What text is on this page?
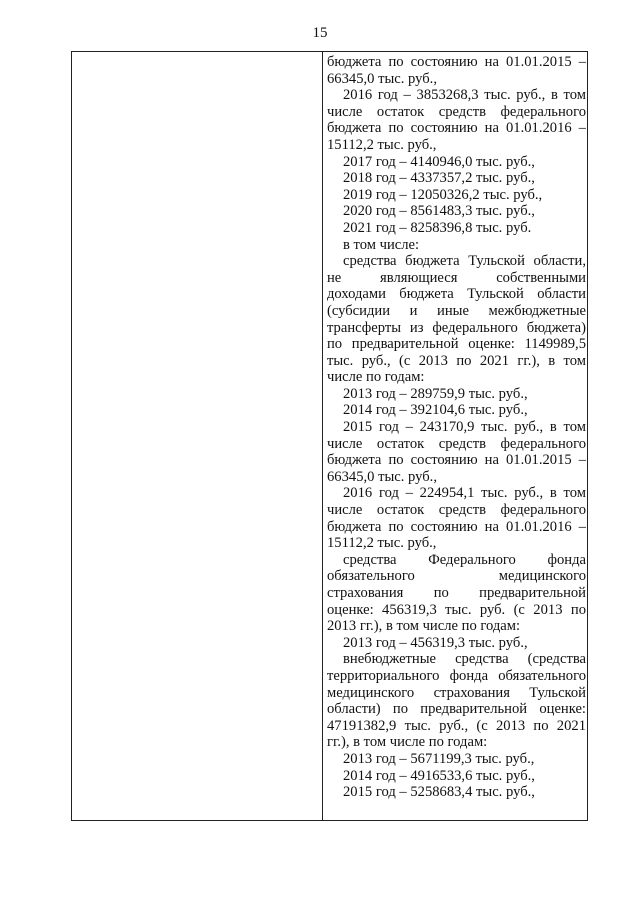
15
бюджета по состоянию на 01.01.2015 –
66345,0 тыс. руб.,
2016 год – 3853268,3 тыс. руб., в том
числе остаток средств федерального
бюджета по состоянию на 01.01.2016 –
15112,2 тыс. руб.,
2017 год – 4140946,0 тыс. руб.,
2018 год – 4337357,2 тыс. руб.,
2019 год – 12050326,2 тыс. руб.,
2020 год – 8561483,3 тыс. руб.,
2021 год – 8258396,8 тыс. руб.
в том числе:
средства бюджета Тульской области,
не являющиеся собственными
доходами бюджета Тульской области
(субсидии и иные межбюджетные
трансферты из федерального бюджета)
по предварительной оценке: 1149989,5
тыс. руб., (с 2013 по 2021 гг.), в том
числе по годам:
2013 год – 289759,9 тыс. руб.,
2014 год – 392104,6 тыс. руб.,
2015 год – 243170,9 тыс. руб., в том
числе остаток средств федерального
бюджета по состоянию на 01.01.2015 –
66345,0 тыс. руб.,
2016 год – 224954,1 тыс. руб., в том
числе остаток средств федерального
бюджета по состоянию на 01.01.2016 –
15112,2 тыс. руб.,
средства Федерального фонда
обязательного медицинского
страхования по предварительной
оценке: 456319,3 тыс. руб. (с 2013 по
2013 гг.), в том числе по годам:
2013 год – 456319,3 тыс. руб.,
внебюджетные средства (средства
территориального фонда обязательного
медицинского страхования Тульской
области) по предварительной оценке:
47191382,9 тыс. руб., (с 2013 по 2021
гг.), в том числе по годам:
2013 год – 5671199,3 тыс. руб.,
2014 год – 4916533,6 тыс. руб.,
2015 год – 5258683,4 тыс. руб.,
